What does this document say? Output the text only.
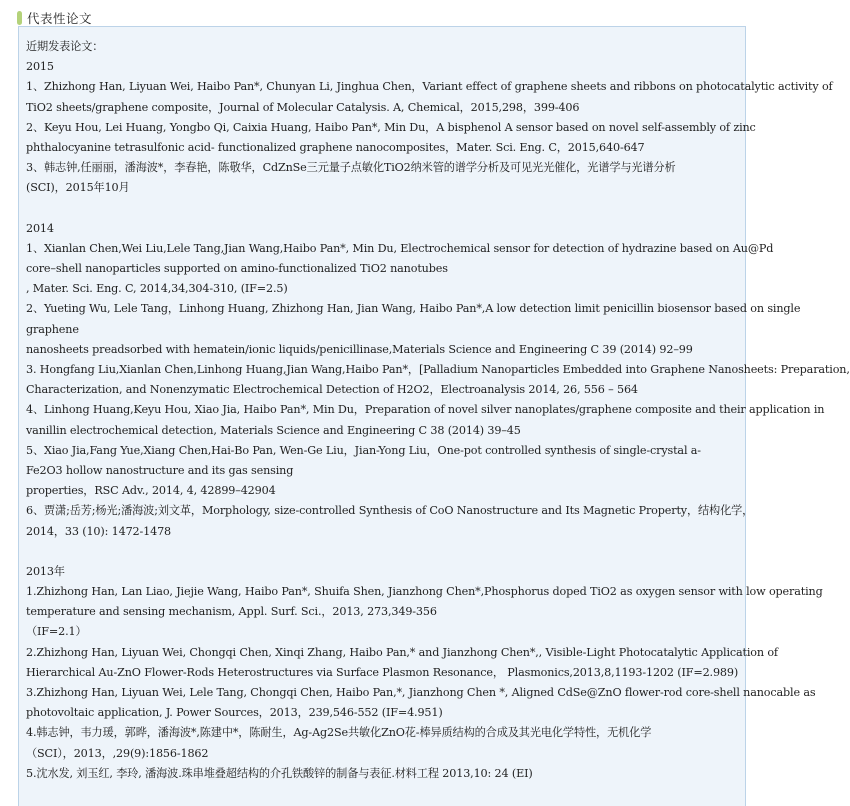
代表性论文
近期发表论文：
2015
1、Zhizhong Han, Liyuan Wei, Haibo Pan*, Chunyan Li, Jinghua Chen，Variant effect of graphene sheets and ribbons on photocatalytic activity of
TiO2 sheets/graphene composite，Journal of Molecular Catalysis. A, Chemical，2015,298，399-406
2、Keyu Hou, Lei Huang, Yongbo Qi, Caixia Huang, Haibo Pan*, Min Du，A bisphenol A sensor based on novel self-assembly of zinc
phthalocyanine tetrasulfonic acid- functionalized graphene nanocomposites，Mater. Sci. Eng. C，2015,640-647
3、韩志钟,任丽丽，潘海波*，李春艳，陈敬华，CdZnSe三元量子点敏化TiO2纳米管的谱学分析及可见光光催化，光谱学与光谱分析
(SCI)，2015年10月
2014
1、Xianlan Chen,Wei Liu,Lele Tang,Jian Wang,Haibo Pan*, Min Du, Electrochemical sensor for detection of hydrazine based on Au@Pd
core–shell nanoparticles supported on amino-functionalized TiO2 nanotubes
, Mater. Sci. Eng. C, 2014,34,304-310, (IF=2.5)
2、Yueting Wu, Lele Tang，Linhong Huang, Zhizhong Han, Jian Wang, Haibo Pan*,A low detection limit penicillin biosensor based on single
graphene
nanosheets preadsorbed with hematein/ionic liquids/penicillinase,Materials Science and Engineering C 39 (2014) 92–99
3. Hongfang Liu,Xianlan Chen,Linhong Huang,Jian Wang,Haibo Pan*，[Palladium Nanoparticles Embedded into Graphene Nanosheets: Preparation,
Characterization, and Nonenzymatic Electrochemical Detection of H2O2，Electroanalysis 2014, 26, 556 – 564
4、Linhong Huang,Keyu Hou, Xiao Jia, Haibo Pan*, Min Du，Preparation of novel silver nanoplates/graphene composite and their application in
vanillin electrochemical detection, Materials Science and Engineering C 38 (2014) 39–45
5、Xiao Jia,Fang Yue,Xiang Chen,Hai-Bo Pan, Wen-Ge Liu，Jian-Yong Liu，One-pot controlled synthesis of single-crystal a-
Fe2O3 hollow nanostructure and its gas sensing
properties，RSC Adv., 2014, 4, 42899–42904
6、贾潇;岳芳;杨光;潘海波;刘文革，Morphology, size-controlled Synthesis of CoO Nanostructure and Its Magnetic Property，结构化学，
2014，33 (10): 1472-1478
2013年
1.Zhizhong Han, Lan Liao, Jiejie Wang, Haibo Pan*, Shuifa Shen, Jianzhong Chen*,Phosphorus doped TiO2 as oxygen sensor with low operating
temperature and sensing mechanism, Appl. Surf. Sci.，2013, 273,349-356
（IF=2.1）
2.Zhizhong Han, Liyuan Wei, Chongqi Chen, Xinqi Zhang, Haibo Pan,* and Jianzhong Chen*,, Visible-Light Photocatalytic Application of
Hierarchical Au-ZnO Flower-Rods Heterostructures via Surface Plasmon Resonance， Plasmonics,2013,8,1193-1202 (IF=2.989)
3.Zhizhong Han, Liyuan Wei, Lele Tang, Chongqi Chen, Haibo Pan,*, Jianzhong Chen *, Aligned CdSe@ZnO flower-rod core-shell nanocable as
photovoltaic application, J. Power Sources，2013，239,546-552 (IF=4.951)
4.韩志钟，韦力瑗，郭晔，潘海波*,陈建中*，陈耐生，Ag-Ag2Se共敏化ZnO花-棒异质结构的合成及其光电化学特性，无机化学
（SCI），2013，,29(9):1856-1862
5.沈水发, 刘玉红, 李玲, 潘海波.珠串堆叠超结构的介孔铁酸锌的制备与表征.材料工程 2013,10: 24 (EI)
